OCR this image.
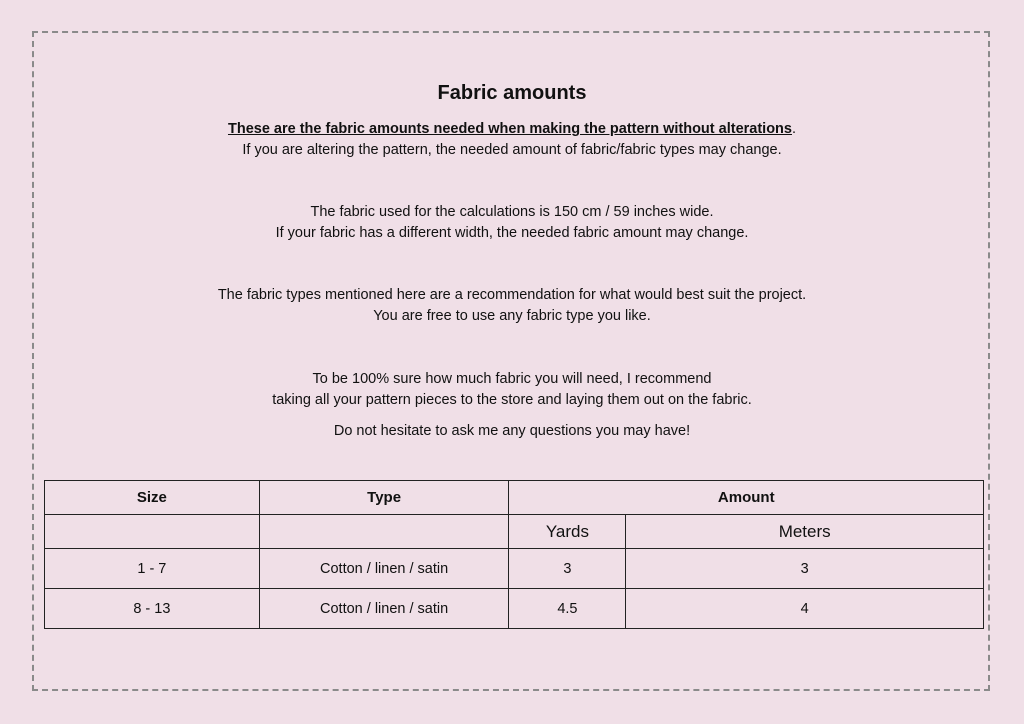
Fabric amounts
These are the fabric amounts needed when making the pattern without alterations.
If you are altering the pattern, the needed amount of fabric/fabric types may change.
The fabric used for the calculations is 150 cm / 59 inches wide.
If your fabric has a different width, the needed fabric amount may change.
The fabric types mentioned here are a recommendation for what would best suit the project.
You are free to use any fabric type you like.
To be 100% sure how much fabric you will need, I recommend
taking all your pattern pieces to the store and laying them out on the fabric.
Do not hesitate to ask me any questions you may have!
Size	Type	Amount	
		Yards	Meters
1 - 7	Cotton / linen / satin	3	3
8 - 13	Cotton / linen / satin	4.5	4
